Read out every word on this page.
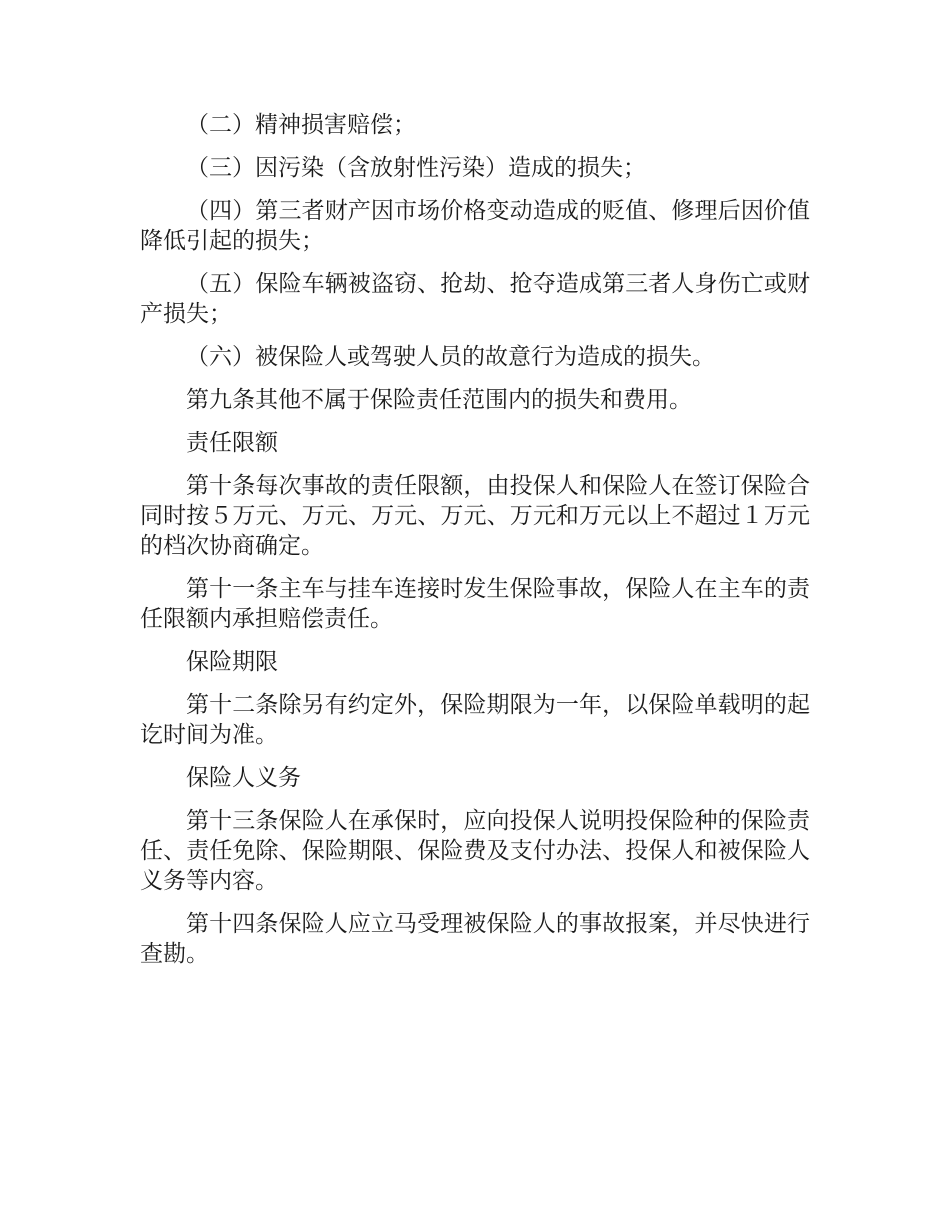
（二）精神损害赔偿；

（三）因污染（含放射性污染）造成的损失；

（四）第三者财产因市场价格变动造成的贬值、修理后因价值降低引起的损失；

（五）保险车辆被盗窃、抢劫、抢夺造成第三者人身伤亡或财产损失；

（六）被保险人或驾驶人员的故意行为造成的损失。

第九条其他不属于保险责任范围内的损失和费用。

责任限额

第十条每次事故的责任限额，由投保人和保险人在签订保险合同时按５万元、万元、万元、万元、万元和万元以上不超过１万元的档次协商确定。

第十一条主车与挂车连接时发生保险事故，保险人在主车的责任限额内承担赔偿责任。

保险期限

第十二条除另有约定外，保险期限为一年，以保险单载明的起讫时间为准。

保险人义务

第十三条保险人在承保时，应向投保人说明投保险种的保险责任、责任免除、保险期限、保险费及支付办法、投保人和被保险人义务等内容。

第十四条保险人应立马受理被保险人的事故报案，并尽快进行查勘。
